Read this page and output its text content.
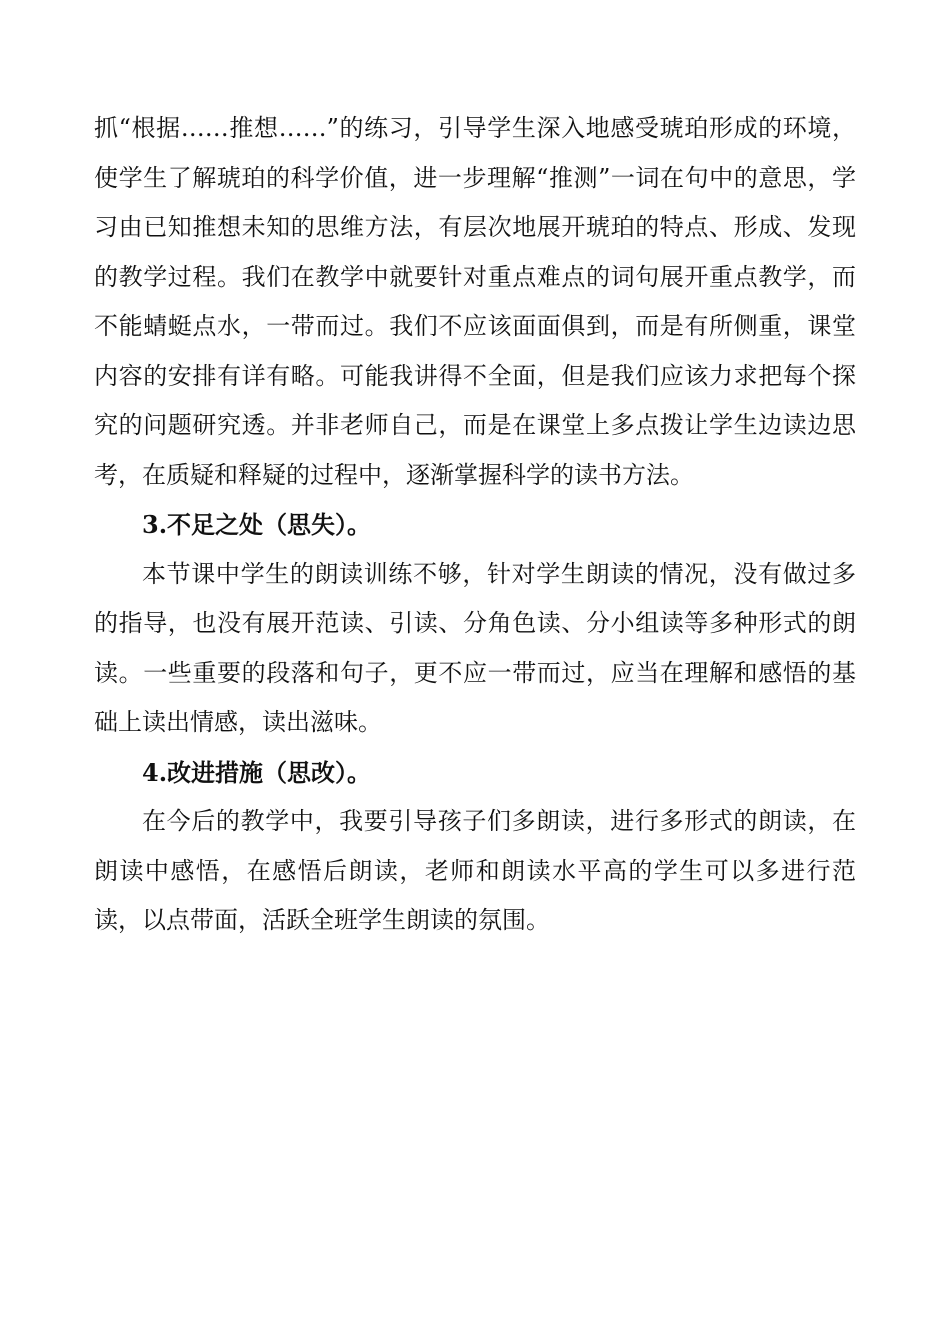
抓“根据……推想……”的练习，引导学生深入地感受琥珀形成的环境，使学生了解琥珀的科学价值，进一步理解“推测”一词在句中的意思，学习由已知推想未知的思维方法，有层次地展开琥珀的特点、形成、发现的教学过程。我们在教学中就要针对重点难点的词句展开重点教学，而不能蜻蜓点水，一带而过。我们不应该面面俱到，而是有所侧重，课堂内容的安排有详有略。可能我讲得不全面，但是我们应该力求把每个探究的问题研究透。并非老师自己，而是在课堂上多点拨让学生边读边思考，在质疑和释疑的过程中，逐渐掌握科学的读书方法。

3.不足之处（思失）。

本节课中学生的朗读训练不够，针对学生朗读的情况，没有做过多的指导，也没有展开范读、引读、分角色读、分小组读等多种形式的朗读。一些重要的段落和句子，更不应一带而过，应当在理解和感悟的基础上读出情感，读出滋味。

4.改进措施（思改）。

在今后的教学中，我要引导孩子们多朗读，进行多形式的朗读，在朗读中感悟，在感悟后朗读，老师和朗读水平高的学生可以多进行范读，以点带面，活跃全班学生朗读的氛围。
